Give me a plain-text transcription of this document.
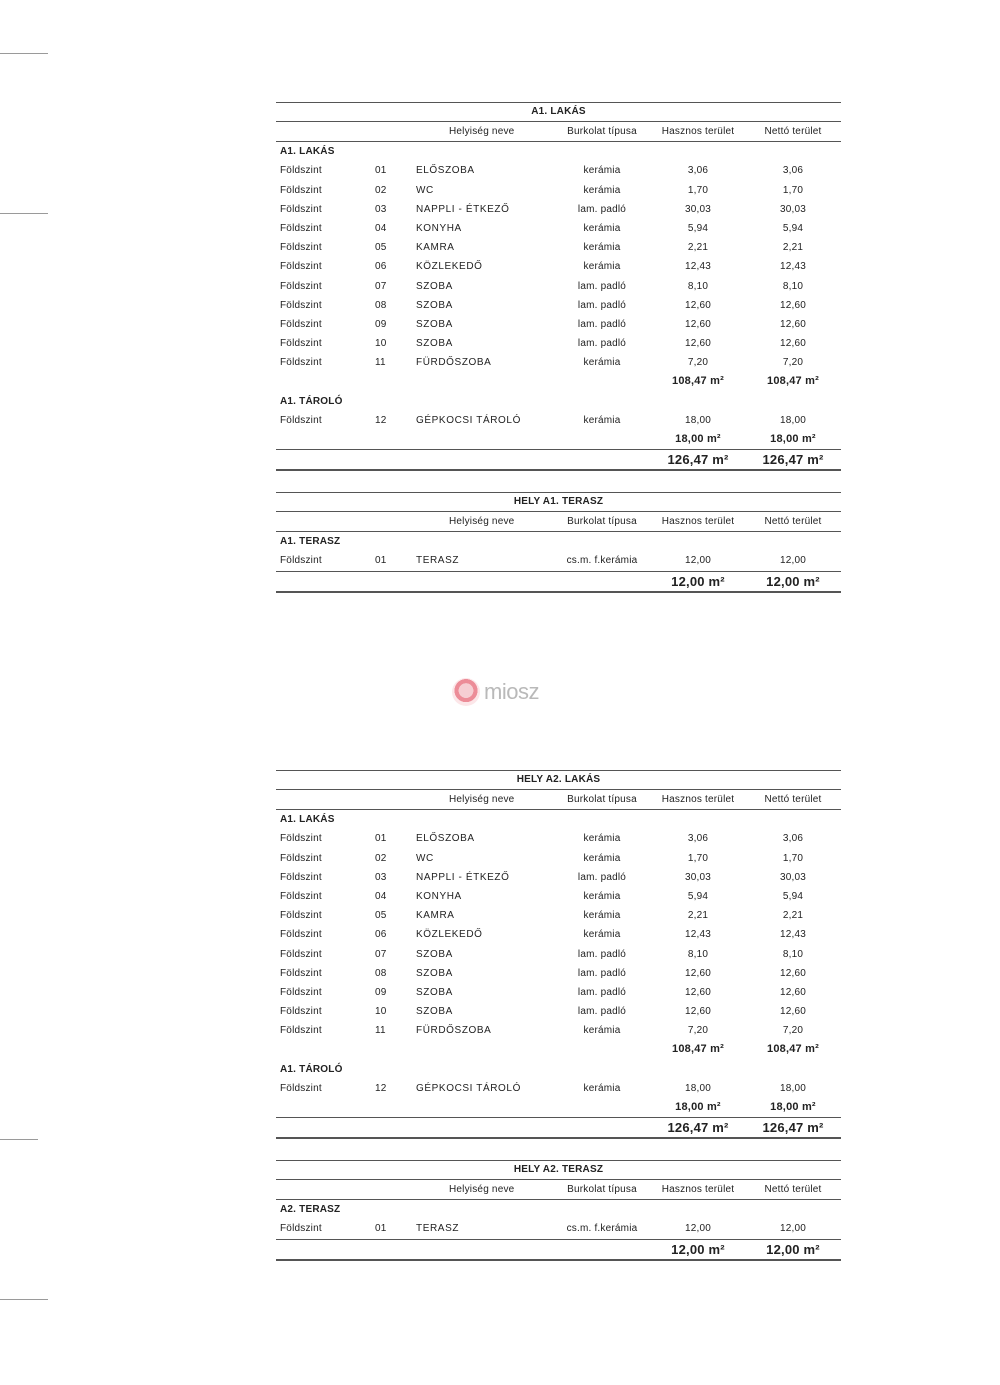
A1. LAKÁS
Helyiség neve	Burkolat típusa	Hasznos terület	Nettó terület
A1. LAKÁS
Földszint	01	ELŐSZOBA	kerámia	3,06	3,06
Földszint	02	WC	kerámia	1,70	1,70
Földszint	03	NAPPLI - ÉTKEZŐ	lam. padló	30,03	30,03
Földszint	04	KONYHA	kerámia	5,94	5,94
Földszint	05	KAMRA	kerámia	2,21	2,21
Földszint	06	KÖZLEKEDŐ	kerámia	12,43	12,43
Földszint	07	SZOBA	lam. padló	8,10	8,10
Földszint	08	SZOBA	lam. padló	12,60	12,60
Földszint	09	SZOBA	lam. padló	12,60	12,60
Földszint	10	SZOBA	lam. padló	12,60	12,60
Földszint	11	FÜRDŐSZOBA	kerámia	7,20	7,20
108,47 m²	108,47 m²
A1. TÁROLÓ
Földszint	12	GÉPKOCSI TÁROLÓ	kerámia	18,00	18,00
18,00 m²	18,00 m²
126,47 m²	126,47 m²
HELY A1. TERASZ
Helyiség neve	Burkolat típusa	Hasznos terület	Nettó terület
A1. TERASZ
Földszint	01	TERASZ	cs.m. f.kerámia	12,00	12,00
12,00 m²	12,00 m²
miosz
HELY A2. LAKÁS
Helyiség neve	Burkolat típusa	Hasznos terület	Nettó terület
A1. LAKÁS
Földszint	01	ELŐSZOBA	kerámia	3,06	3,06
Földszint	02	WC	kerámia	1,70	1,70
Földszint	03	NAPPLI - ÉTKEZŐ	lam. padló	30,03	30,03
Földszint	04	KONYHA	kerámia	5,94	5,94
Földszint	05	KAMRA	kerámia	2,21	2,21
Földszint	06	KÖZLEKEDŐ	kerámia	12,43	12,43
Földszint	07	SZOBA	lam. padló	8,10	8,10
Földszint	08	SZOBA	lam. padló	12,60	12,60
Földszint	09	SZOBA	lam. padló	12,60	12,60
Földszint	10	SZOBA	lam. padló	12,60	12,60
Földszint	11	FÜRDŐSZOBA	kerámia	7,20	7,20
108,47 m²	108,47 m²
A1. TÁROLÓ
Földszint	12	GÉPKOCSI TÁROLÓ	kerámia	18,00	18,00
18,00 m²	18,00 m²
126,47 m²	126,47 m²
HELY A2. TERASZ
Helyiség neve	Burkolat típusa	Hasznos terület	Nettó terület
A2. TERASZ
Földszint	01	TERASZ	cs.m. f.kerámia	12,00	12,00
12,00 m²	12,00 m²
